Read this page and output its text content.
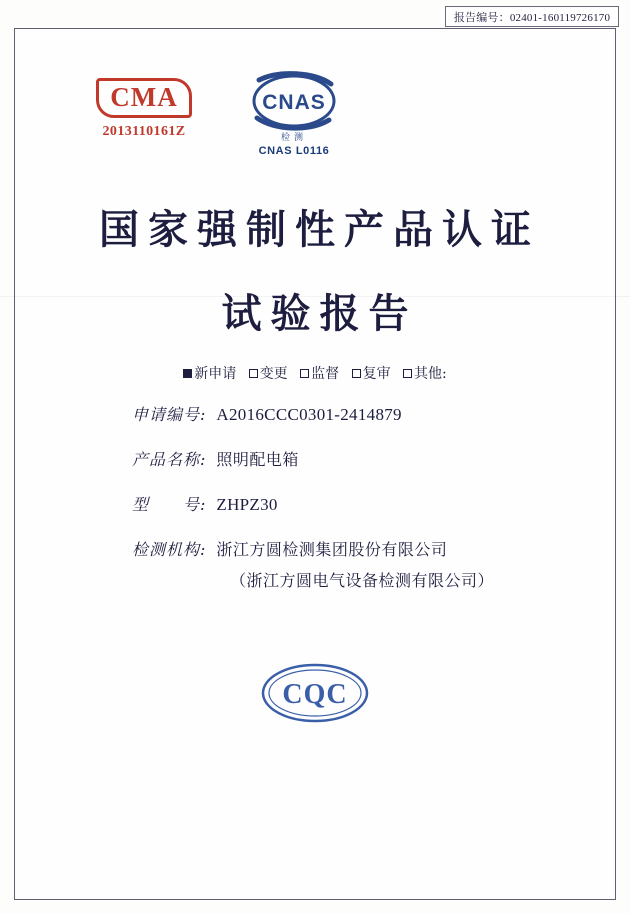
报告编号：02401-160119726170
CMA
2013110161Z
CNAS
检测
CNAS L0116
国家强制性产品认证
试验报告
新申请 变更 监督 复审 其他:
申请编号: A2016CCC0301-2414879
产品名称: 照明配电箱
型　　号: ZHPZ30
检测机构: 浙江方圆检测集团股份有限公司
（浙江方圆电气设备检测有限公司）
CQC
